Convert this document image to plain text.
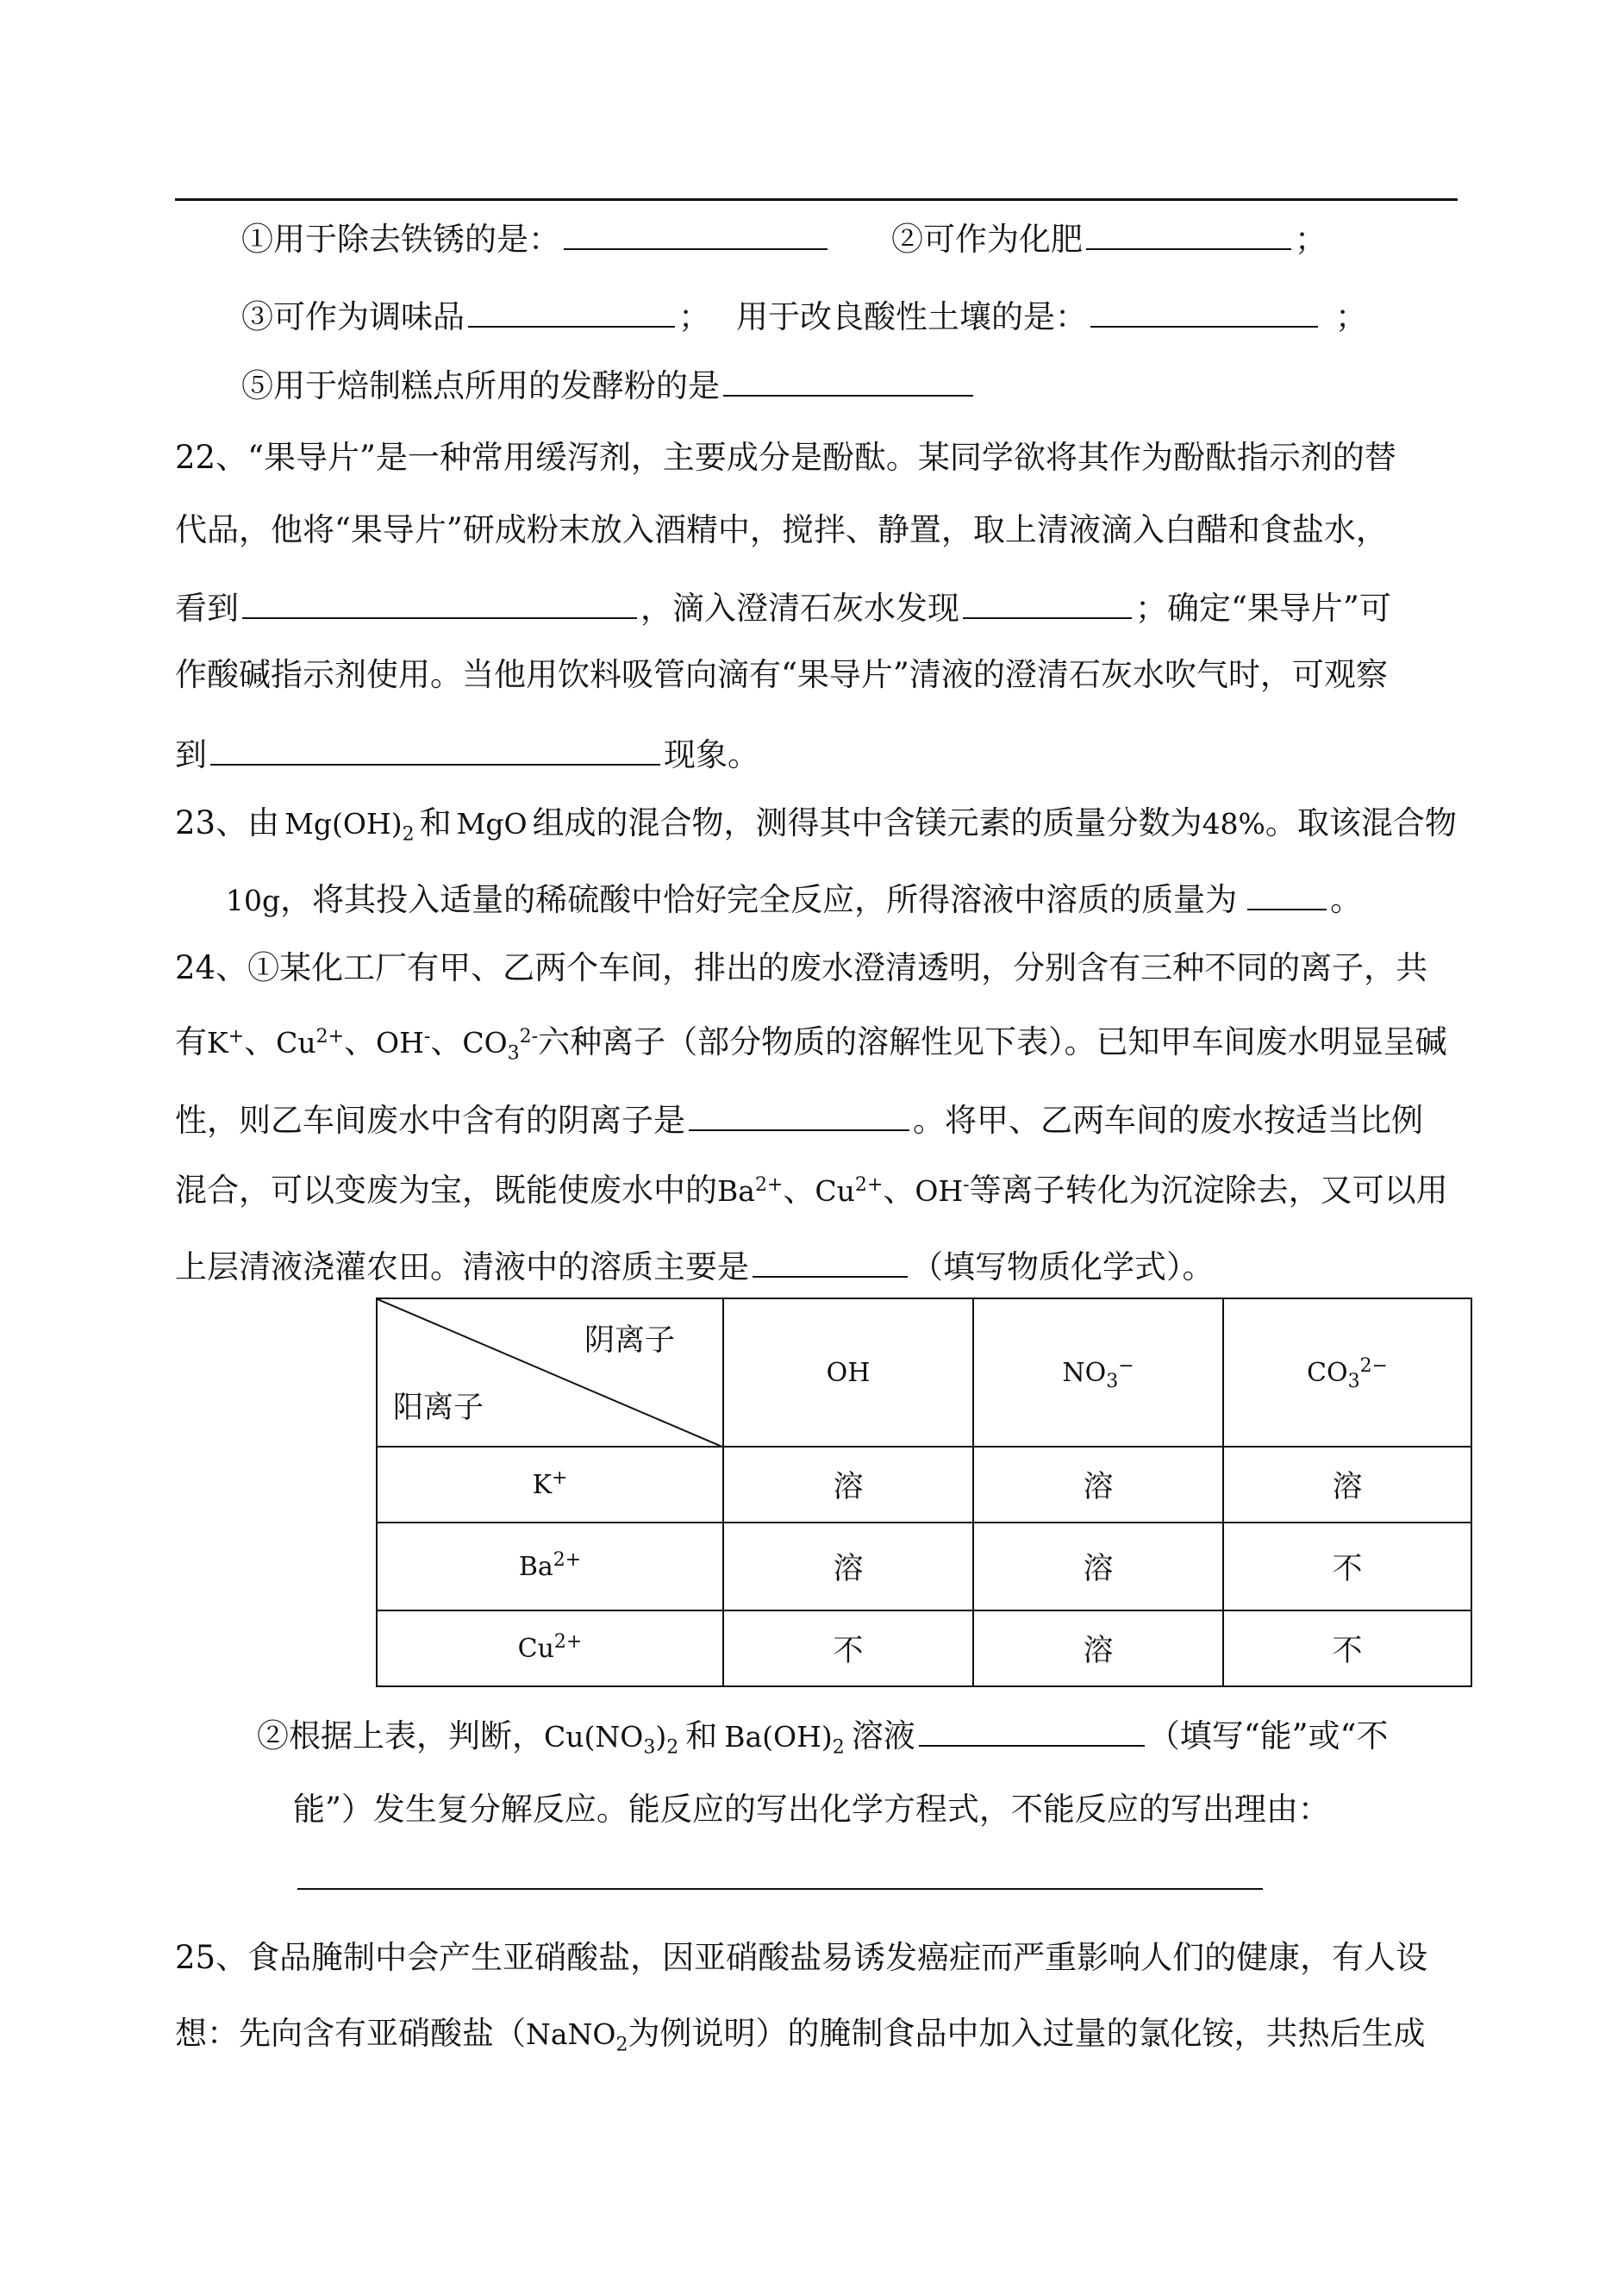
①用于除去铁锈的是：	②可作为化肥	；
③可作为调味品	； 用于改良酸性土壤的是：	；
⑤用于焙制糕点所用的发酵粉的是
22、“果导片”是一种常用缓泻剂，主要成分是酚酞。某同学欲将其作为酚酞指示剂的替
代品，他将“果导片”研成粉末放入酒精中，搅拌、静置，取上清液滴入白醋和食盐水，
看到	，滴入澄清石灰水发现	；确定“果导片”可
作酸碱指示剂使用。当他用饮料吸管向滴有“果导片”清液的澄清石灰水吹气时，可观察
到	现象。
23、由 $Mg(OH)_2$ 和 MgO 组成的混合物，测得其中含镁元素的质量分数为48%。取该混合物
10g，将其投入适量的稀硫酸中恰好完全反应，所得溶液中溶质的质量为	。
24、①某化工厂有甲、乙两个车间，排出的废水澄清透明，分别含有三种不同的离子，共
有K+、$Cu^{2+}$、OH-、$CO_3^{2-}$六种离子（部分物质的溶解性见下表）。已知甲车间废水明显呈碱
性，则乙车间废水中含有的阴离子是	。将甲、乙两车间的废水按适当比例
混合，可以变废为宝，既能使废水中的$Ba^{2+}$、$Cu^{2+}$、OH-等离子转化为沉淀除去，又可以用
上层清液浇灌农田。清液中的溶质主要是	（填写物质化学式）。
阴离子
阳离子	OH	$NO_3^-$	$CO_3^{2-}$
K+	溶	溶	溶
$Ba^{2+}$	溶	溶	不
$Cu^{2+}$	不	溶	不
②根据上表，判断，$Cu(NO_3)_2$ 和 $Ba(OH)_2$ 溶液	（填写“能”或“不
能”）发生复分解反应。能反应的写出化学方程式，不能反应的写出理由：
25、食品腌制中会产生亚硝酸盐，因亚硝酸盐易诱发癌症而严重影响人们的健康，有人设
想：先向含有亚硝酸盐（NaNO$_2$为例说明）的腌制食品中加入过量的氯化铵，共热后生成
